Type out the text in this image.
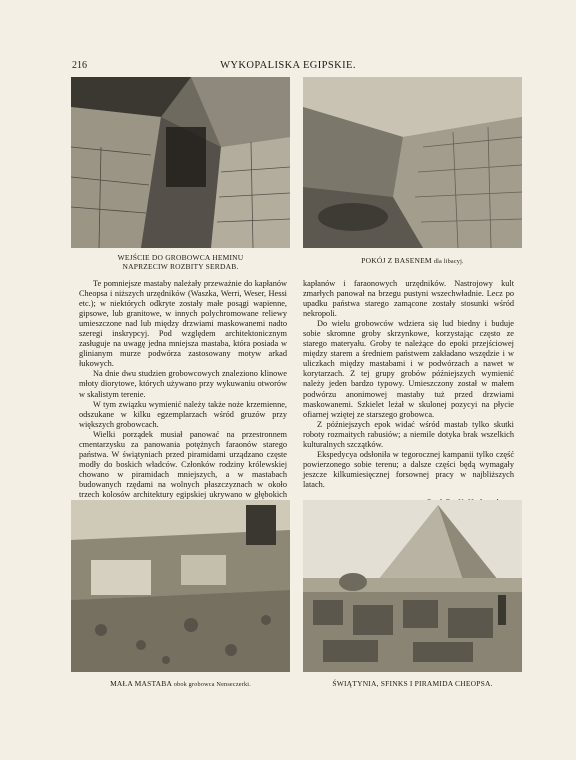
216	WYKOPALISKA EGIPSKIE.
WEJŚCIE DO GROBOWCA HEMINU
NAPRZECIW ROZBITY SERDAB.
POKÓJ Z BASENEM dla libacyj.

Te pomniejsze mastaby należały przeważnie do kapłanów Cheopsa i niższych urzędników (Waszka, Werri, Weser, Hessi etc.); w niektórych odkryte zostały małe posągi wapienne, gipsowe, lub granitowe, w innych polychromowane reliewy umieszczone nad lub między drzwiami maskowanemi nadto szeregi inskrypcyj. Pod względem architektonicznym zasługuje na uwagę jedna mniejsza mastaba, która posiada w glinianym murze podwórza zastosowany motyw arkad łukowych.

Na dnie dwu studzien grobowcowych znaleziono klinowe młoty diorytowe, których używano przy wykuwaniu otworów w skalistym terenie.

W tym związku wymienić należy także noże krzemienne, odszukane w kilku egzemplarzach wśród gruzów przy większych grobowcach.

Wielki porządek musiał panować na przestronnem cmentarzysku za panowania potężnych faraonów starego państwa. W świątyniach przed piramidami urządzano częste modły do boskich władców. Członków rodziny królewskiej chowano w piramidach mniejszych, a w mastabach budowanych rzędami na wolnych płaszczyznach w około trzech kolosów architektury egipskiej ukrywano w głębokich

kapłanów i faraonowych urzędników. Nastrojowy kult zmarłych panował na brzegu pustyni wszechwładnie. Lecz po upadku państwa starego zamącone zostały stosunki wśród nekropoli.

Do wielu grobowców wdziera się lud biedny i buduje sobie skromne groby skrzynkowe, korzystając często ze starego materyału. Groby te należące do epoki przejściowej między starem a średniem państwem zakładano wszędzie i w uliczkach między mastabami i w podwórzach a nawet w korytarzach. Z tej grupy grobów późniejszych wymienić należy jeden bardzo typowy. Umieszczony został w małem podwórzu anonimowej mastaby tuż przed drzwiami maskowanemi. Szkielet leżał w skulonej pozycyi na płycie ofiarnej wziętej ze starszego grobowca.

Z późniejszych epok widać wśród mastab tylko skutki roboty rozmaitych rabusiów; a niemile dotyka brak wszelkich kulturalnych szczątków.

Ekspedycya odsłoniła w tegorocznej kampanii tylko część powierzonego sobie terenu; a dalsze części będą wymagały jeszcze kilkumiesięcznej forsownej pracy w najbliższych latach.

MAŁA MASTABA obok grobowca Nenseczerki.	ŚWIĄTYNIA, SFINKS I PIRAMIDA CHEOPSA.
